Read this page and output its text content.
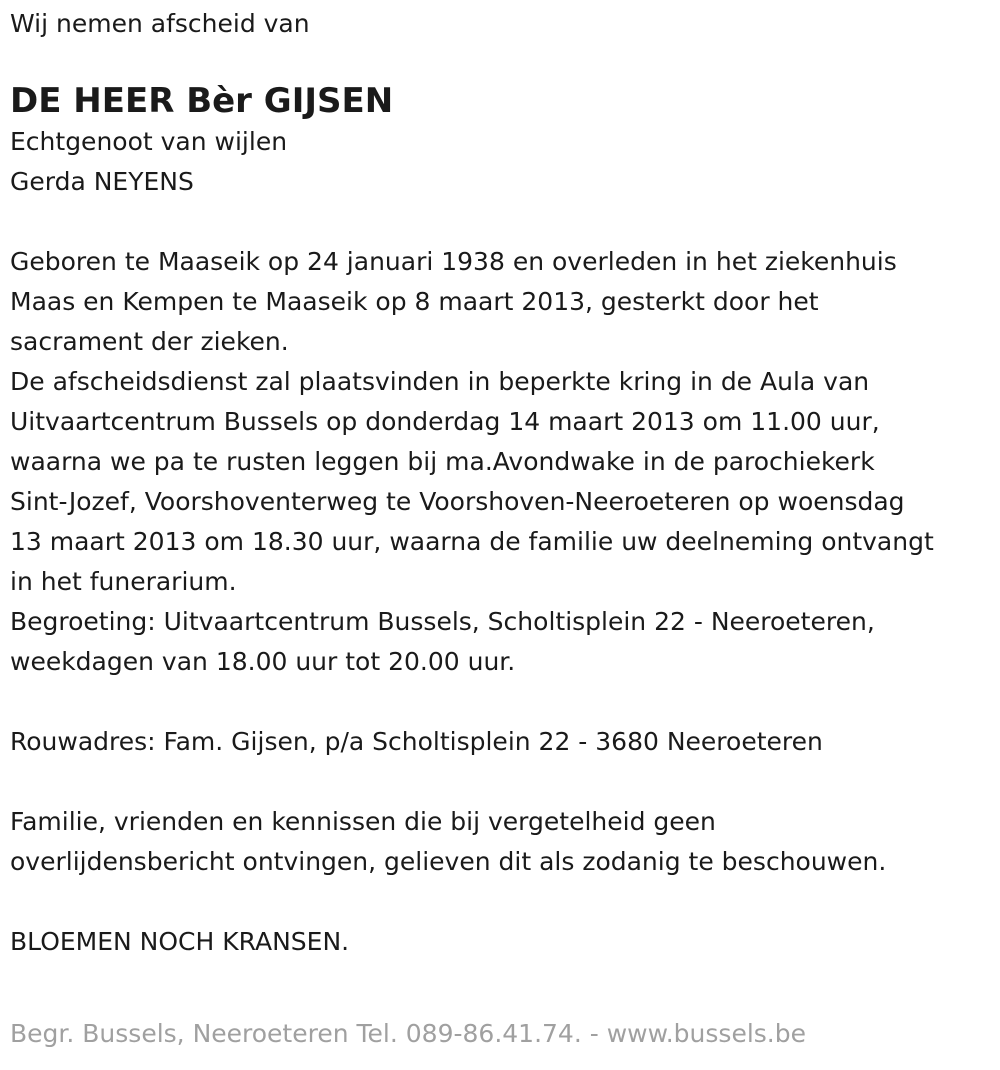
Wij nemen afscheid van

DE HEER Bèr GIJSEN

Echtgenoot van wijlen

Gerda NEYENS

Geboren te Maaseik op 24 januari 1938 en overleden in het ziekenhuis

Maas en Kempen te Maaseik op 8 maart 2013, gesterkt door het

sacrament der zieken.

De afscheidsdienst zal plaatsvinden in beperkte kring in de Aula van

Uitvaartcentrum Bussels op donderdag 14 maart 2013 om 11.00 uur,

waarna we pa te rusten leggen bij ma.Avondwake in de parochiekerk

Sint-Jozef, Voorshoventerweg te Voorshoven-Neeroeteren op woensdag

13 maart 2013 om 18.30 uur, waarna de familie uw deelneming ontvangt

in het funerarium.

Begroeting: Uitvaartcentrum Bussels, Scholtisplein 22 - Neeroeteren,

weekdagen van 18.00 uur tot 20.00 uur.

Rouwadres: Fam. Gijsen, p/a Scholtisplein 22 - 3680 Neeroeteren

Familie, vrienden en kennissen die bij vergetelheid geen

overlijdensbericht ontvingen, gelieven dit als zodanig te beschouwen.

BLOEMEN NOCH KRANSEN.

Begr. Bussels, Neeroeteren Tel. 089-86.41.74. - www.bussels.be
